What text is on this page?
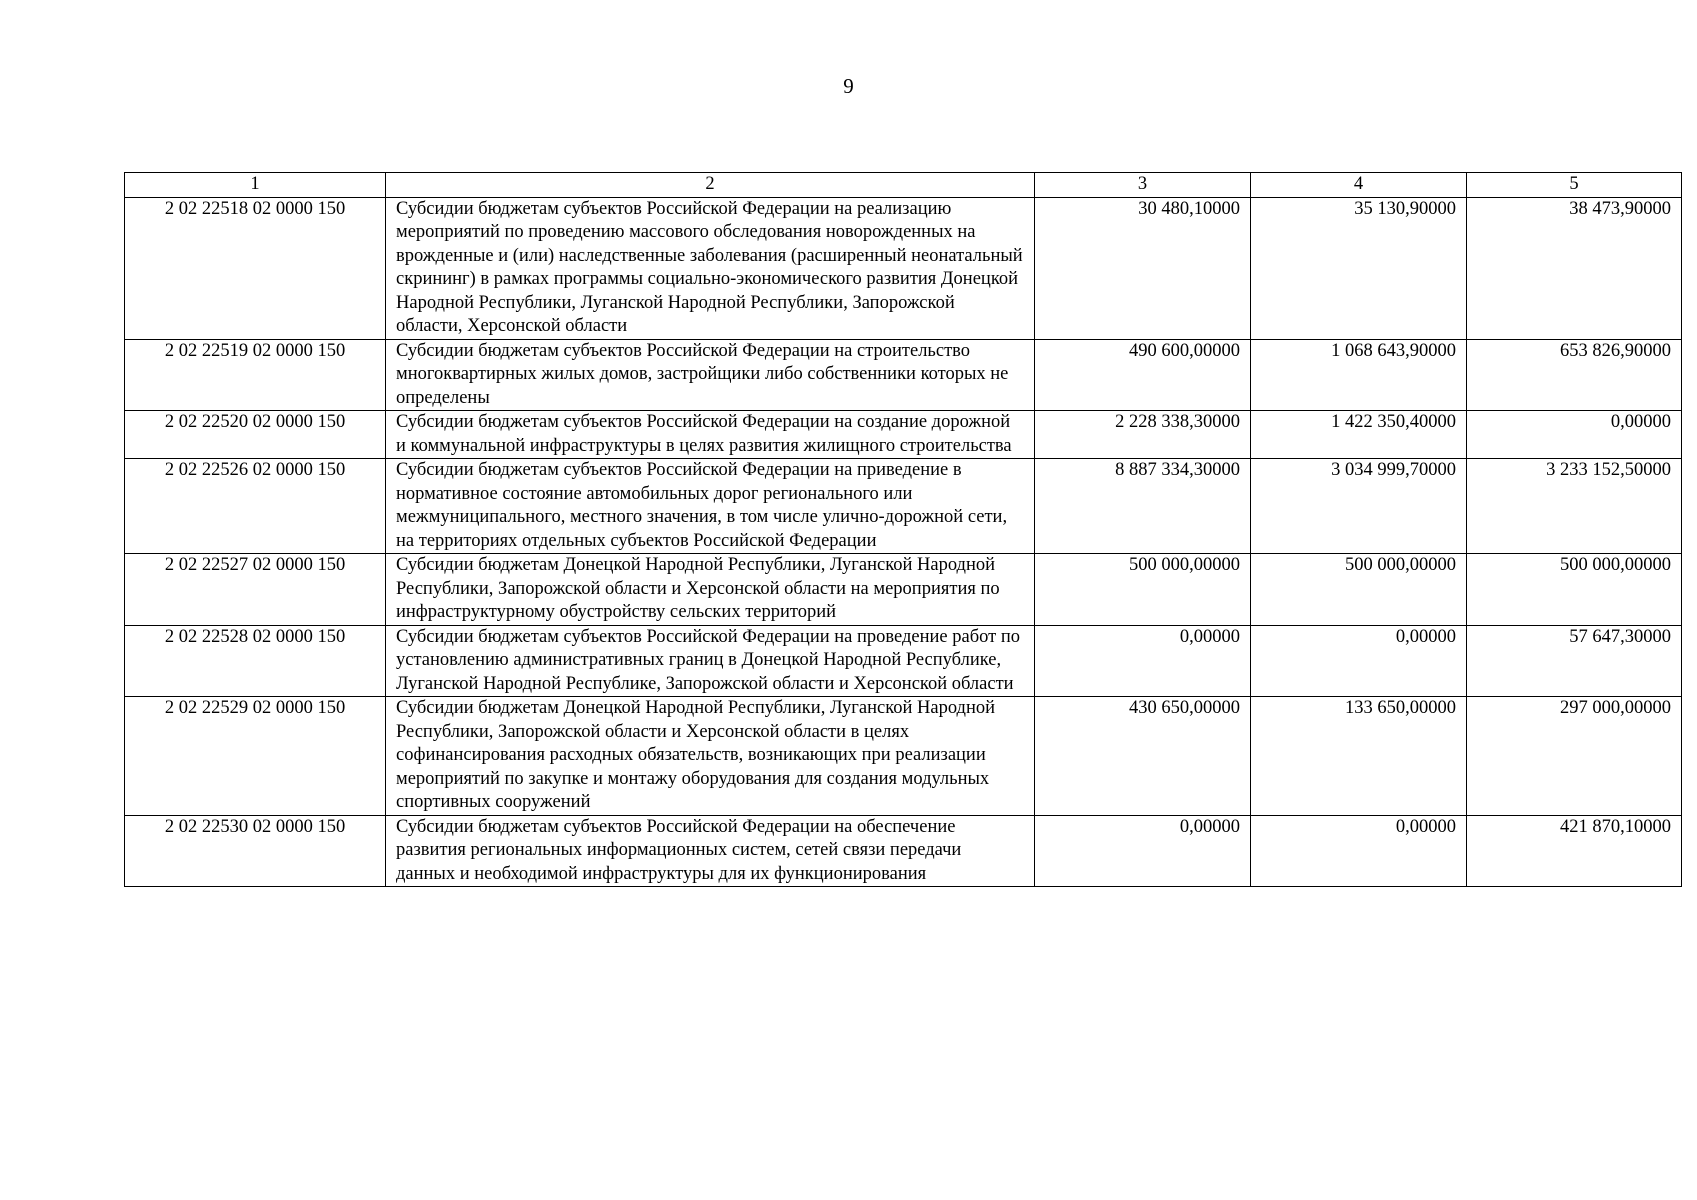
9
1	2	3	4	5
2 02 22518 02 0000 150	Субсидии бюджетам субъектов Российской Федерации на реализацию мероприятий по проведению массового обследования новорожденных на врожденные и (или) наследственные заболевания (расширенный неонатальный скрининг) в рамках программы социально-экономического развития Донецкой Народной Республики, Луганской Народной Республики, Запорожской области, Херсонской области	30 480,10000	35 130,90000	38 473,90000
2 02 22519 02 0000 150	Субсидии бюджетам субъектов Российской Федерации на строительство многоквартирных жилых домов, застройщики либо собственники которых не определены	490 600,00000	1 068 643,90000	653 826,90000
2 02 22520 02 0000 150	Субсидии бюджетам субъектов Российской Федерации на создание дорожной и коммунальной инфраструктуры в целях развития жилищного строительства	2 228 338,30000	1 422 350,40000	0,00000
2 02 22526 02 0000 150	Субсидии бюджетам субъектов Российской Федерации на приведение в нормативное состояние автомобильных дорог регионального или межмуниципального, местного значения, в том числе улично-дорожной сети, на территориях отдельных субъектов Российской Федерации	8 887 334,30000	3 034 999,70000	3 233 152,50000
2 02 22527 02 0000 150	Субсидии бюджетам Донецкой Народной Республики, Луганской Народной Республики, Запорожской области и Херсонской области на мероприятия по инфраструктурному обустройству сельских территорий	500 000,00000	500 000,00000	500 000,00000
2 02 22528 02 0000 150	Субсидии бюджетам субъектов Российской Федерации на проведение работ по установлению административных границ в Донецкой Народной Республике, Луганской Народной Республике, Запорожской области и Херсонской области	0,00000	0,00000	57 647,30000
2 02 22529 02 0000 150	Субсидии бюджетам Донецкой Народной Республики, Луганской Народной Республики, Запорожской области и Херсонской области в целях софинансирования расходных обязательств, возникающих при реализации мероприятий по закупке и монтажу оборудования для создания модульных спортивных сооружений	430 650,00000	133 650,00000	297 000,00000
2 02 22530 02 0000 150	Субсидии бюджетам субъектов Российской Федерации на обеспечение развития региональных информационных систем, сетей связи передачи данных и необходимой инфраструктуры для их функционирования	0,00000	0,00000	421 870,10000
